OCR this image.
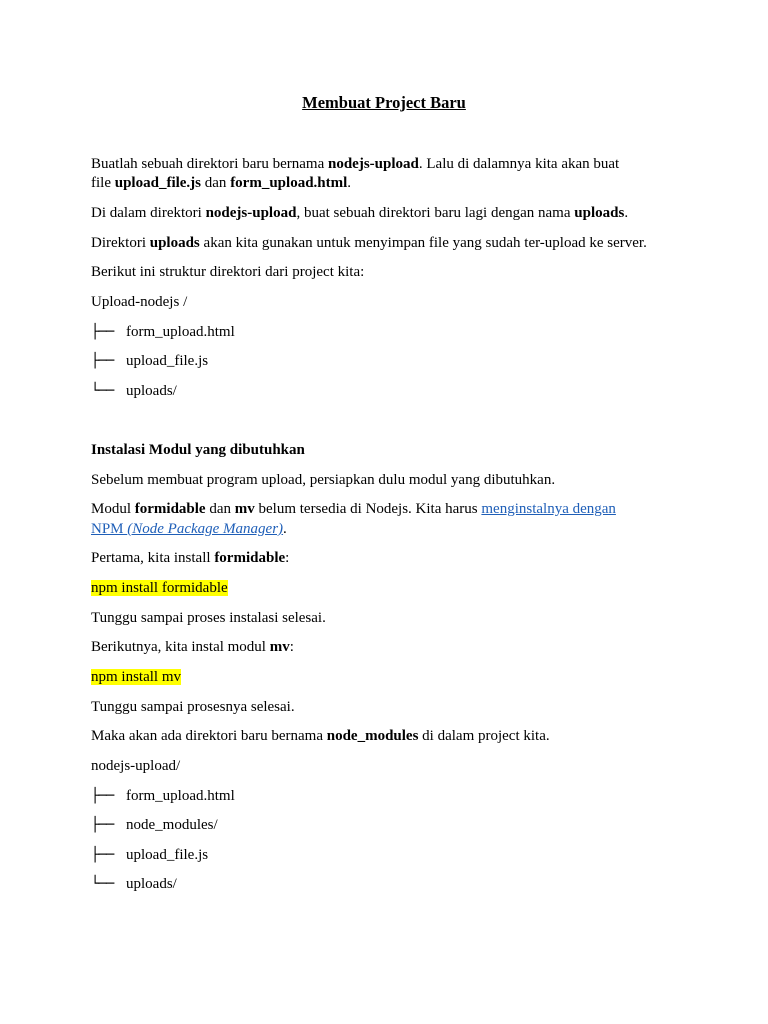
Membuat Project Baru
Buatlah sebuah direktori baru bernama nodejs-upload. Lalu di dalamnya kita akan buat
file upload_file.js dan form_upload.html.
Di dalam direktori nodejs-upload, buat sebuah direktori baru lagi dengan nama uploads.
Direktori uploads akan kita gunakan untuk menyimpan file yang sudah ter-upload ke server.
Berikut ini struktur direktori dari project kita:
Upload-nodejs /
├── form_upload.html
├── upload_file.js
└── uploads/
Instalasi Modul yang dibutuhkan
Sebelum membuat program upload, persiapkan dulu modul yang dibutuhkan.
Modul formidable dan mv belum tersedia di Nodejs. Kita harus menginstalnya dengan
NPM (Node Package Manager).
Pertama, kita install formidable:
npm install formidable
Tunggu sampai proses instalasi selesai.
Berikutnya, kita instal modul mv:
npm install mv
Tunggu sampai prosesnya selesai.
Maka akan ada direktori baru bernama node_modules di dalam project kita.
nodejs-upload/
├── form_upload.html
├── node_modules/
├── upload_file.js
└── uploads/
